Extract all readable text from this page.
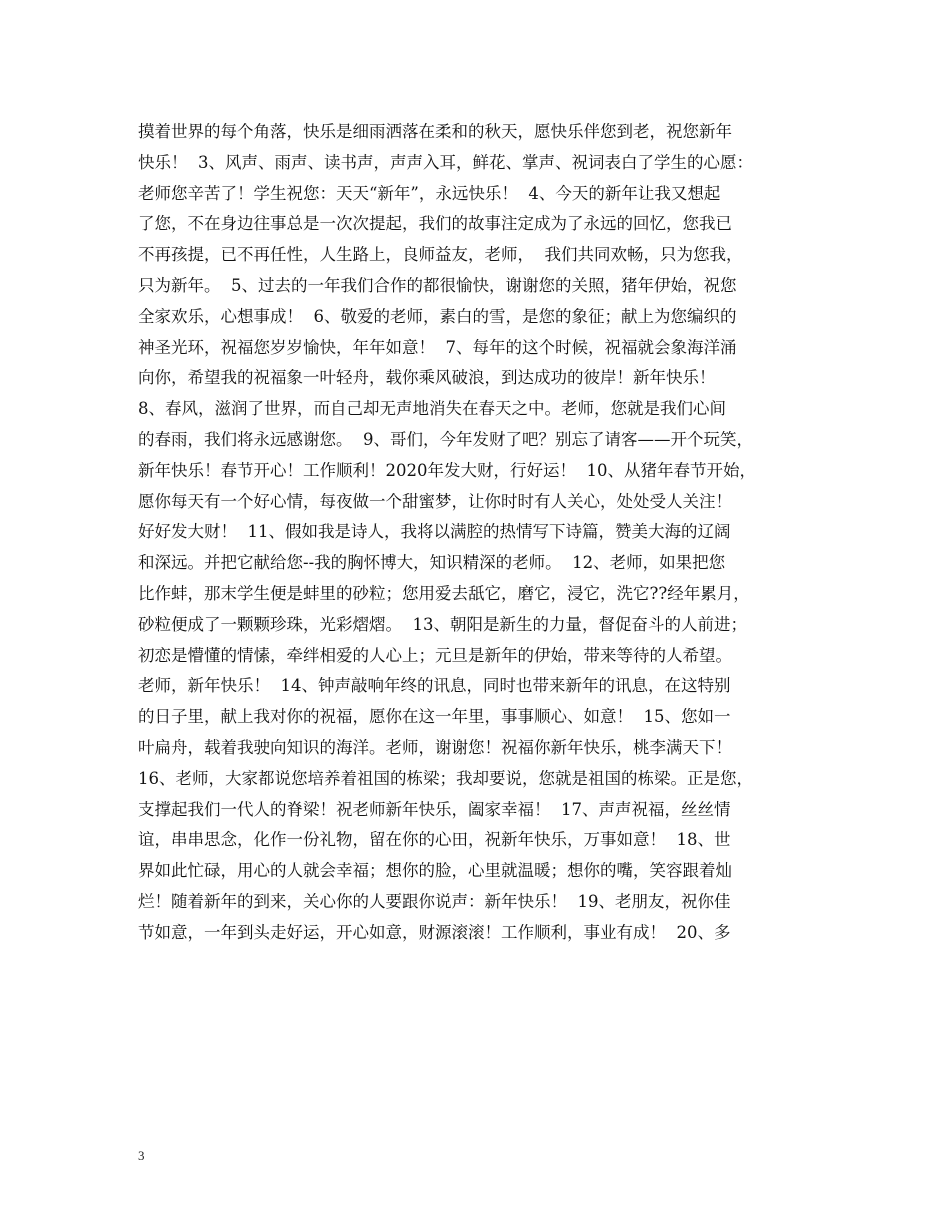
摸着世界的每个角落，快乐是细雨洒落在柔和的秋天，愿快乐伴您到老，祝您新年
快乐！  3、风声、雨声、读书声，声声入耳，鲜花、掌声、祝词表白了学生的心愿：
老师您辛苦了！学生祝您：天天“新年”，永远快乐！  4、今天的新年让我又想起
了您，不在身边往事总是一次次提起，我们的故事注定成为了永远的回忆，您我已
不再孩提，已不再任性，人生路上，良师益友，老师，  我们共同欢畅，只为您我，
只为新年。  5、过去的一年我们合作的都很愉快，谢谢您的关照，猪年伊始，祝您
全家欢乐，心想事成！  6、敬爱的老师，素白的雪，是您的象征；献上为您编织的
神圣光环，祝福您岁岁愉快，年年如意！  7、每年的这个时候，祝福就会象海洋涌
向你，希望我的祝福象一叶轻舟，载你乘风破浪，到达成功的彼岸！新年快乐！
8、春风，滋润了世界，而自己却无声地消失在春天之中。老师，您就是我们心间
的春雨，我们将永远感谢您。  9、哥们，今年发财了吧？别忘了请客——开个玩笑，
新年快乐！春节开心！工作顺利！2020年发大财，行好运！  10、从猪年春节开始，
愿你每天有一个好心情，每夜做一个甜蜜梦，让你时时有人关心，处处受人关注！
好好发大财！  11、假如我是诗人，我将以满腔的热情写下诗篇，赞美大海的辽阔
和深远。并把它献给您--我的胸怀博大，知识精深的老师。  12、老师，如果把您
比作蚌，那末学生便是蚌里的砂粒；您用爱去舐它，磨它，浸它，洗它??经年累月，
砂粒便成了一颗颗珍珠，光彩熠熠。  13、朝阳是新生的力量，督促奋斗的人前进；
初恋是懵懂的情愫，牵绊相爱的人心上；元旦是新年的伊始，带来等待的人希望。
老师，新年快乐！  14、钟声敲响年终的讯息，同时也带来新年的讯息，在这特别
的日子里，献上我对你的祝福，愿你在这一年里，事事顺心、如意！  15、您如一
叶扁舟，载着我驶向知识的海洋。老师，谢谢您！祝福你新年快乐，桃李满天下！
16、老师，大家都说您培养着祖国的栋梁；我却要说，您就是祖国的栋梁。正是您，
支撑起我们一代人的脊梁！祝老师新年快乐，阖家幸福！  17、声声祝福，丝丝情
谊，串串思念，化作一份礼物，留在你的心田，祝新年快乐，万事如意！  18、世
界如此忙碌，用心的人就会幸福；想你的脸，心里就温暖；想你的嘴，笑容跟着灿
烂！随着新年的到来，关心你的人要跟你说声：新年快乐！  19、老朋友，祝你佳
节如意，一年到头走好运，开心如意，财源滚滚！工作顺利，事业有成！  20、多
3
